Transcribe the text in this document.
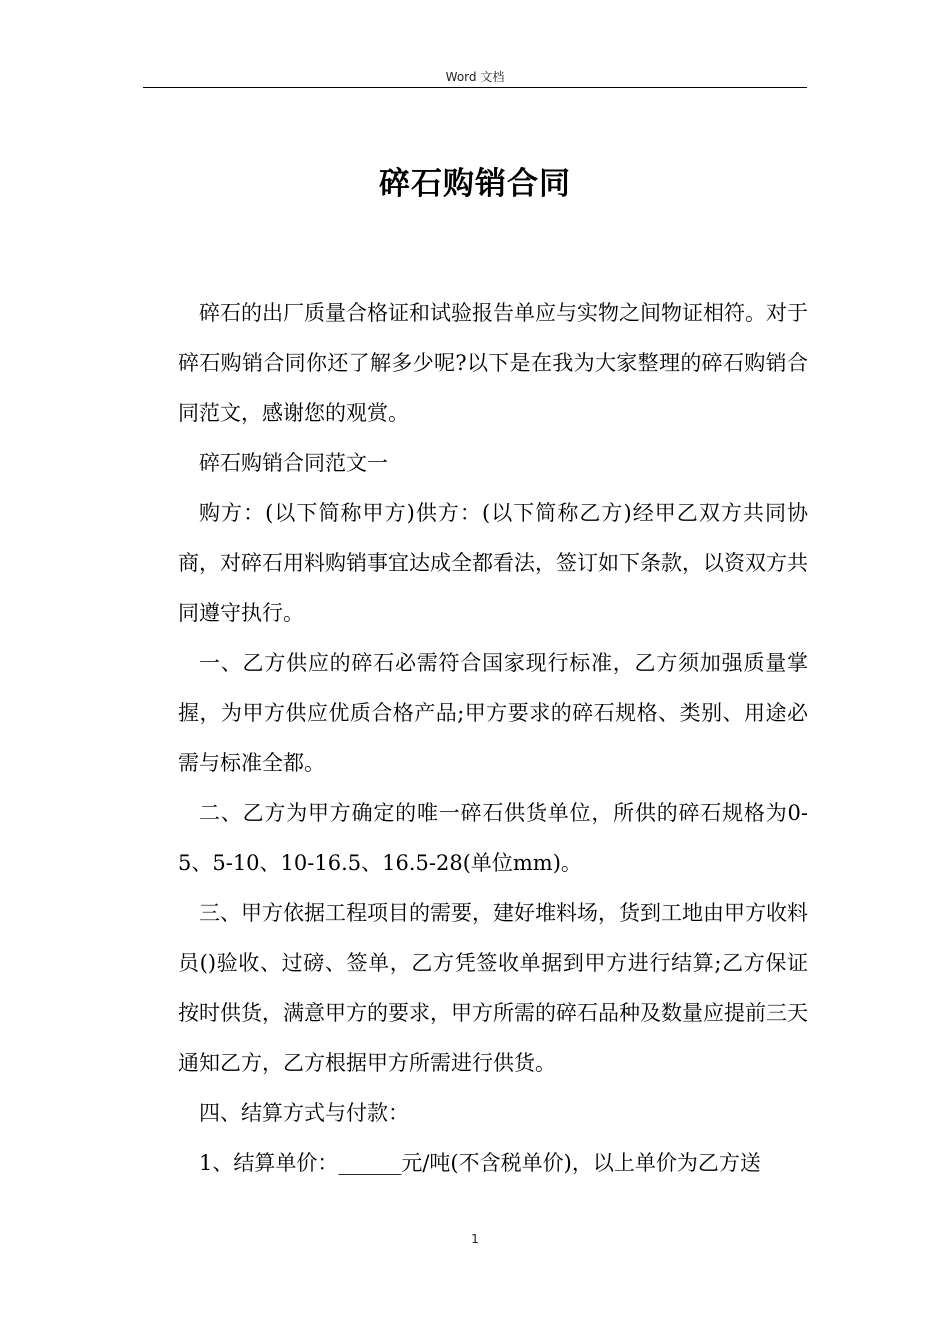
Word 文档
碎石购销合同

碎石的出厂质量合格证和试验报告单应与实物之间物证相符。对于碎石购销合同你还了解多少呢?以下是在我为大家整理的碎石购销合同范文，感谢您的观赏。

碎石购销合同范文一

购方：(以下简称甲方)供方：(以下简称乙方)经甲乙双方共同协商，对碎石用料购销事宜达成全都看法，签订如下条款，以资双方共同遵守执行。

一、乙方供应的碎石必需符合国家现行标准，乙方须加强质量掌握，为甲方供应优质合格产品;甲方要求的碎石规格、类别、用途必需与标准全都。

二、乙方为甲方确定的唯一碎石供货单位，所供的碎石规格为0-5、5-10、10-16.5、16.5-28(单位mm)。

三、甲方依据工程项目的需要，建好堆料场，货到工地由甲方收料员()验收、过磅、签单，乙方凭签收单据到甲方进行结算;乙方保证按时供货，满意甲方的要求，甲方所需的碎石品种及数量应提前三天通知乙方，乙方根据甲方所需进行供货。

四、结算方式与付款：

1、结算单价：______元/吨(不含税单价)，以上单价为乙方送

1
